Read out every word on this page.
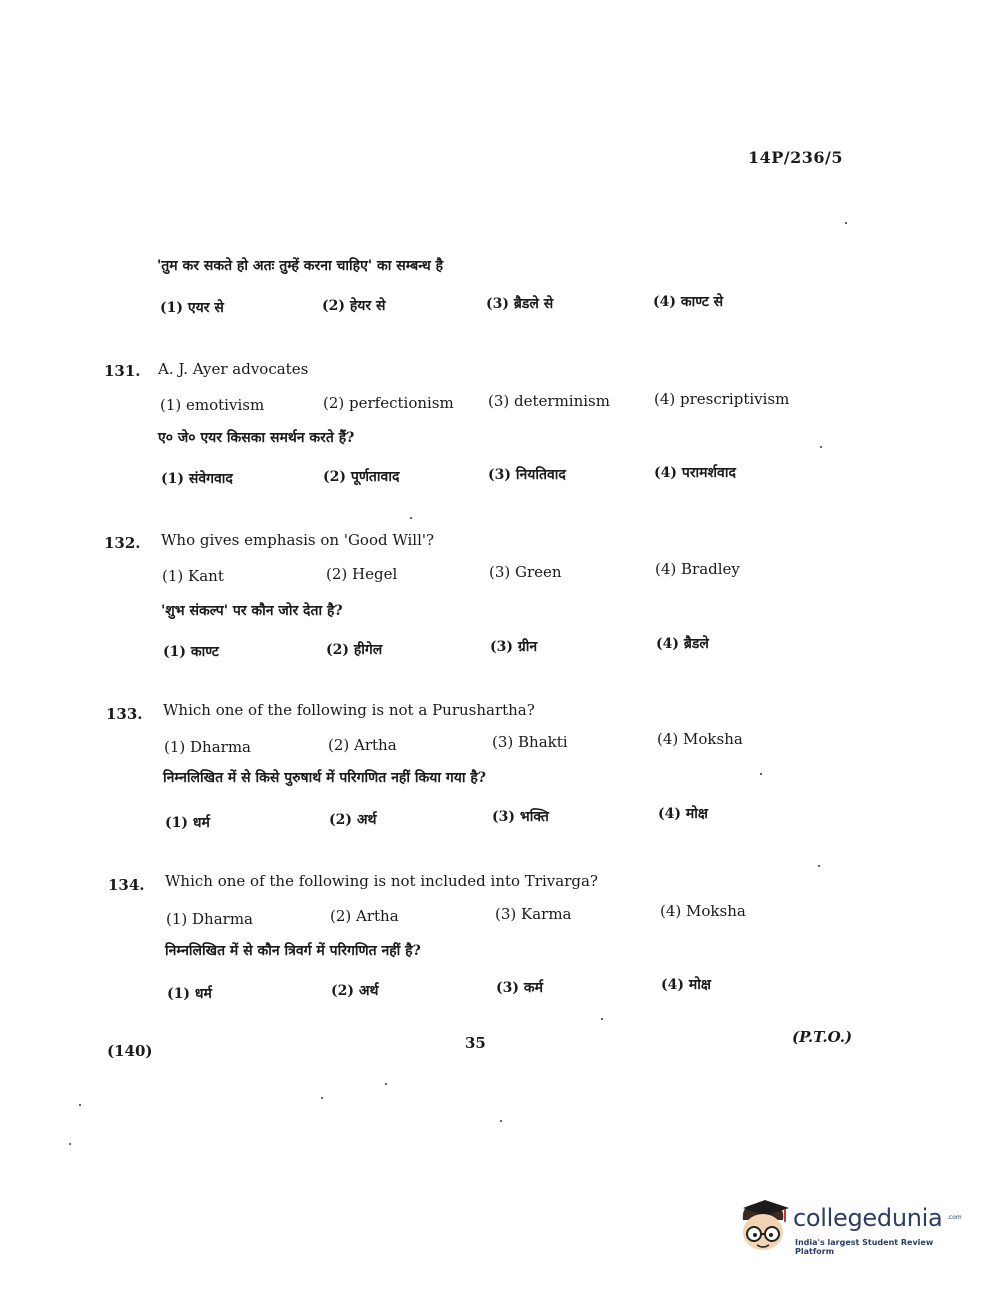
14P/236/5
'तुम कर सकते हो अतः तुम्हें करना चाहिए' का सम्बन्ध है
(1) एयर से	(2) हेयर से	(3) ब्रैडले से	(4) काण्ट से
131. A. J. Ayer advocates
(1) emotivism	(2) perfectionism (3) determinism	(4) prescriptivism
ए० जे० एयर किसका समर्थन करते हैं?
(1) संवेगवाद	(2) पूर्णतावाद	(3) नियतिवाद	(4) परामर्शवाद
132. Who gives emphasis on 'Good Will'?
(1) Kant	(2) Hegel	(3) Green	(4) Bradley
'शुभ संकल्प' पर कौन जोर देता है?
(1) काण्ट	(2) हीगेल	(3) ग्रीन	(4) ब्रैडले
133. Which one of the following is not a Purushartha?
(1) Dharma	(2) Artha	(3) Bhakti	(4) Moksha
निम्नलिखित में से किसे पुरुषार्थ में परिगणित नहीं किया गया है?
(1) धर्म	(2) अर्थ	(3) भक्ति	(4) मोक्ष
134. Which one of the following is not included into Trivarga?
(1) Dharma	(2) Artha	(3) Karma	(4) Moksha
निम्नलिखित में से कौन त्रिवर्ग में परिगणित नहीं है?
(1) धर्म	(2) अर्थ	(3) कर्म	(4) मोक्ष
(140)	35	(P.T.O.)
collegedunia .com
India's largest Student Review Platform
